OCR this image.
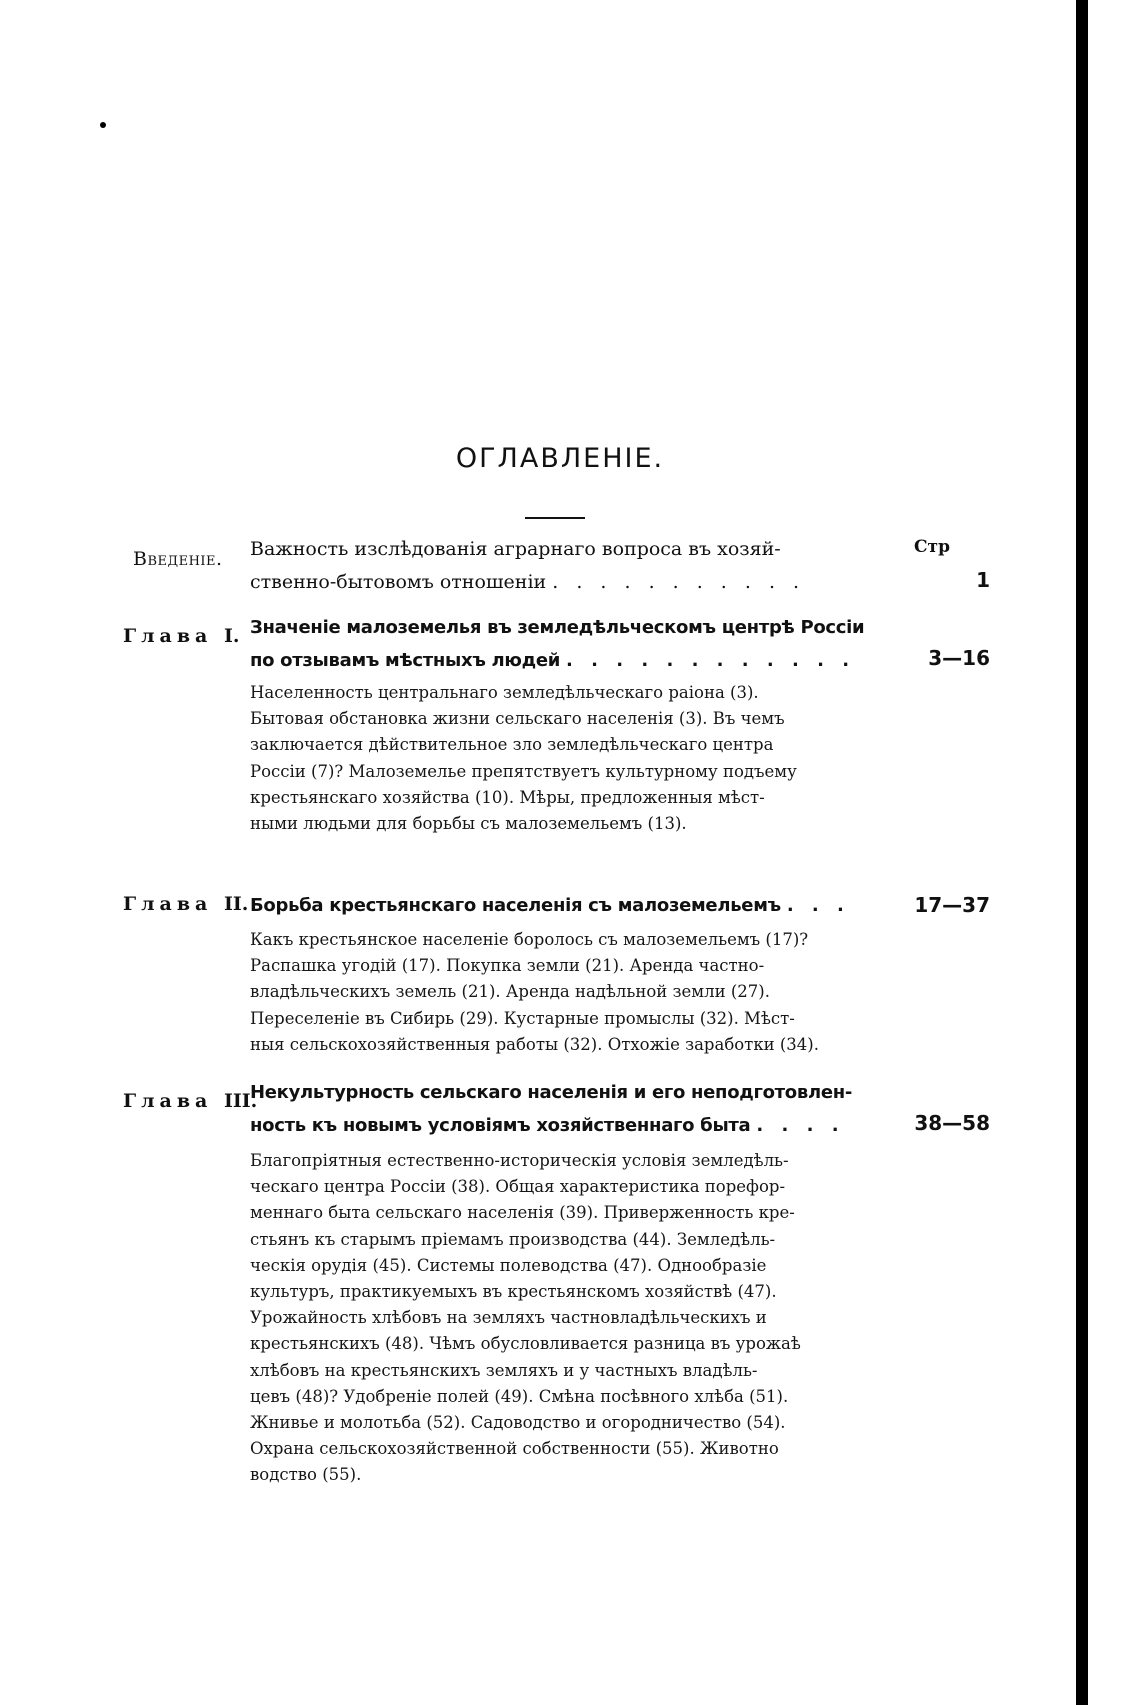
ОГЛАВЛЕНІЕ.
Стр
Введеніе. Важность изслѣдованія аграрнаго вопроса въ хозяй-
ственно-бытовомъ отношеніи . . . . . . . . . . .	1
Глава I. Значеніе малоземелья въ земледѣльческомъ центрѣ Россіи
по отзывамъ мѣстныхъ людей . . . . . . . . . . . .	3—16
Населенность центральнаго земледѣльческаго раіона (3).
Бытовая обстановка жизни сельскаго населенія (3). Въ чемъ
заключается дѣйствительное зло земледѣльческаго центра
Россіи (7)? Малоземелье препятствуетъ культурному подъему
крестьянскаго хозяйства (10). Мѣры, предложенныя мѣст-
ными людьми для борьбы съ малоземельемъ (13).
Глава II. Борьба крестьянскаго населенія съ малоземельемъ . . .	17—37
Какъ крестьянское населеніе боролось съ малоземельемъ (17)?
Распашка угодій (17). Покупка земли (21). Аренда частно-
владѣльческихъ земель (21). Аренда надѣльной земли (27).
Переселеніе въ Сибирь (29). Кустарные промыслы (32). Мѣст-
ныя сельскохозяйственныя работы (32). Отхожіе заработки (34).
Глава III.
Некультурность сельскаго населенія и его неподготовлен-
ность къ новымъ условіямъ хозяйственнаго быта . . . .	38—58
Благопріятныя естественно-историческія условія земледѣль-
ческаго центра Россіи (38). Общая характеристика порефор-
меннаго быта сельскаго населенія (39). Приверженность кре-
стьянъ къ старымъ пріемамъ производства (44). Земледѣль-
ческія орудія (45). Системы полеводства (47). Однообразіе
культуръ, практикуемыхъ въ крестьянскомъ хозяйствѣ (47).
Урожайность хлѣбовъ на земляхъ частновладѣльческихъ и
крестьянскихъ (48). Чѣмъ обусловливается разница въ урожаѣ
хлѣбовъ на крестьянскихъ земляхъ и у частныхъ владѣль-
цевъ (48)? Удобреніе полей (49). Смѣна посѣвного хлѣба (51).
Жнивье и молотьба (52). Садоводство и огородничество (54).
Охрана сельскохозяйственной собственности (55). Животно
водство (55).
